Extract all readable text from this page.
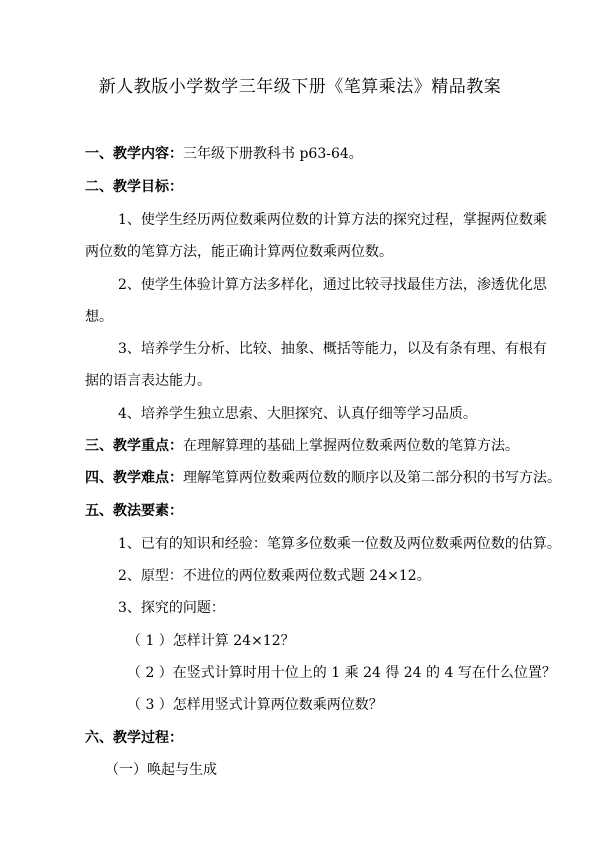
新人教版小学数学三年级下册《笔算乘法》精品教案
一、教学内容：三年级下册教科书 p63-64。
二、教学目标：
1、使学生经历两位数乘两位数的计算方法的探究过程，掌握两位数乘
两位数的笔算方法，能正确计算两位数乘两位数。
2、使学生体验计算方法多样化，通过比较寻找最佳方法，渗透优化思
想。
3、培养学生分析、比较、抽象、概括等能力，以及有条有理、有根有
据的语言表达能力。
4、培养学生独立思索、大胆探究、认真仔细等学习品质。
三、教学重点：在理解算理的基础上掌握两位数乘两位数的笔算方法。
四、教学难点：理解笔算两位数乘两位数的顺序以及第二部分积的书写方法。
五、教法要素：
1、已有的知识和经验：笔算多位数乘一位数及两位数乘两位数的估算。
2、原型：不进位的两位数乘两位数式题 24×12。
3、探究的问题：
（ 1 ）怎样计算 24×12？
（ 2 ）在竖式计算时用十位上的 1 乘 24 得 24 的 4 写在什么位置？
（ 3 ）怎样用竖式计算两位数乘两位数？
六、教学过程：
（一）唤起与生成
